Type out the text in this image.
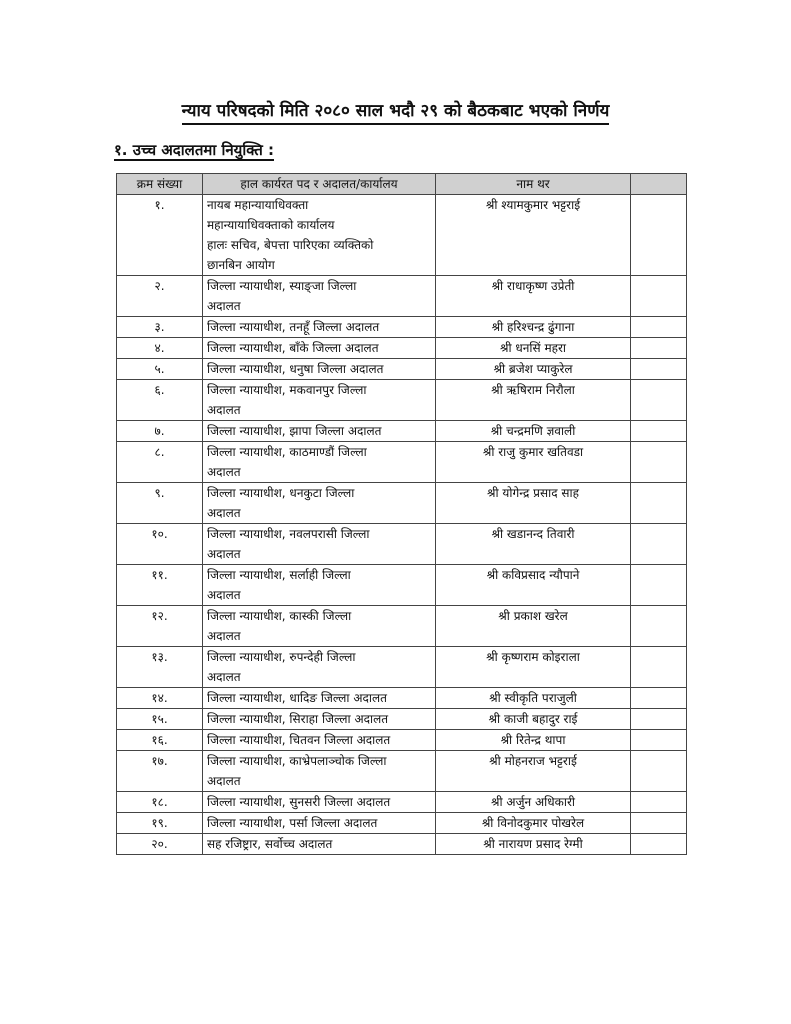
न्याय परिषदको मिति २०८० साल भदौ २९ को बैठकबाट भएको निर्णय
१. उच्च अदालतमा नियुक्ति :
क्रम संख्या	हाल कार्यरत पद र अदालत/कार्यालय	नाम थर	
१.	नायब महान्यायाधिवक्ता
महान्यायाधिवक्ताको कार्यालय
हालः सचिव, बेपत्ता पारिएका व्यक्तिको
छानबिन आयोग	श्री श्यामकुमार भट्टराई	
२.	जिल्ला न्यायाधीश, स्याङ्जा जिल्ला
अदालत	श्री राधाकृष्ण उप्रेती	
३.	जिल्ला न्यायाधीश, तनहूँ जिल्ला अदालत	श्री हरिश्चन्द्र ढुंगाना	
४.	जिल्ला न्यायाधीश, बाँके जिल्ला अदालत	श्री धनसिं महरा	
५.	जिल्ला न्यायाधीश, धनुषा जिल्ला अदालत	श्री ब्रजेश प्याकुरेल	
६.	जिल्ला न्यायाधीश, मकवानपुर जिल्ला
अदालत	श्री ऋषिराम निरौला	
७.	जिल्ला न्यायाधीश, झापा जिल्ला अदालत	श्री चन्द्रमणि ज्ञवाली	
८.	जिल्ला न्यायाधीश, काठमाण्डौं जिल्ला
अदालत	श्री राजु कुमार खतिवडा	
९.	जिल्ला न्यायाधीश, धनकुटा जिल्ला
अदालत	श्री योगेन्द्र प्रसाद साह	
१०.	जिल्ला न्यायाधीश, नवलपरासी जिल्ला
अदालत	श्री खडानन्द तिवारी	
११.	जिल्ला न्यायाधीश, सर्लाही जिल्ला
अदालत	श्री कविप्रसाद न्यौपाने	
१२.	जिल्ला न्यायाधीश, कास्की जिल्ला
अदालत	श्री प्रकाश खरेल	
१३.	जिल्ला न्यायाधीश, रुपन्देही जिल्ला
अदालत	श्री कृष्णराम कोइराला	
१४.	जिल्ला न्यायाधीश, धादिङ जिल्ला अदालत	श्री स्वीकृति पराजुली	
१५.	जिल्ला न्यायाधीश, सिराहा जिल्ला अदालत	श्री काजी बहादुर राई	
१६.	जिल्ला न्यायाधीश, चितवन जिल्ला अदालत	श्री रितेन्द्र थापा	
१७.	जिल्ला न्यायाधीश, काभ्रेपलाञ्चोक जिल्ला
अदालत	श्री मोहनराज भट्टराई	
१८.	जिल्ला न्यायाधीश, सुनसरी जिल्ला अदालत	श्री अर्जुन अधिकारी	
१९.	जिल्ला न्यायाधीश, पर्सा जिल्ला अदालत	श्री विनोदकुमार पोखरेल	
२०.	सह रजिष्ट्रार, सर्वोच्च अदालत	श्री नारायण प्रसाद रेग्मी	
